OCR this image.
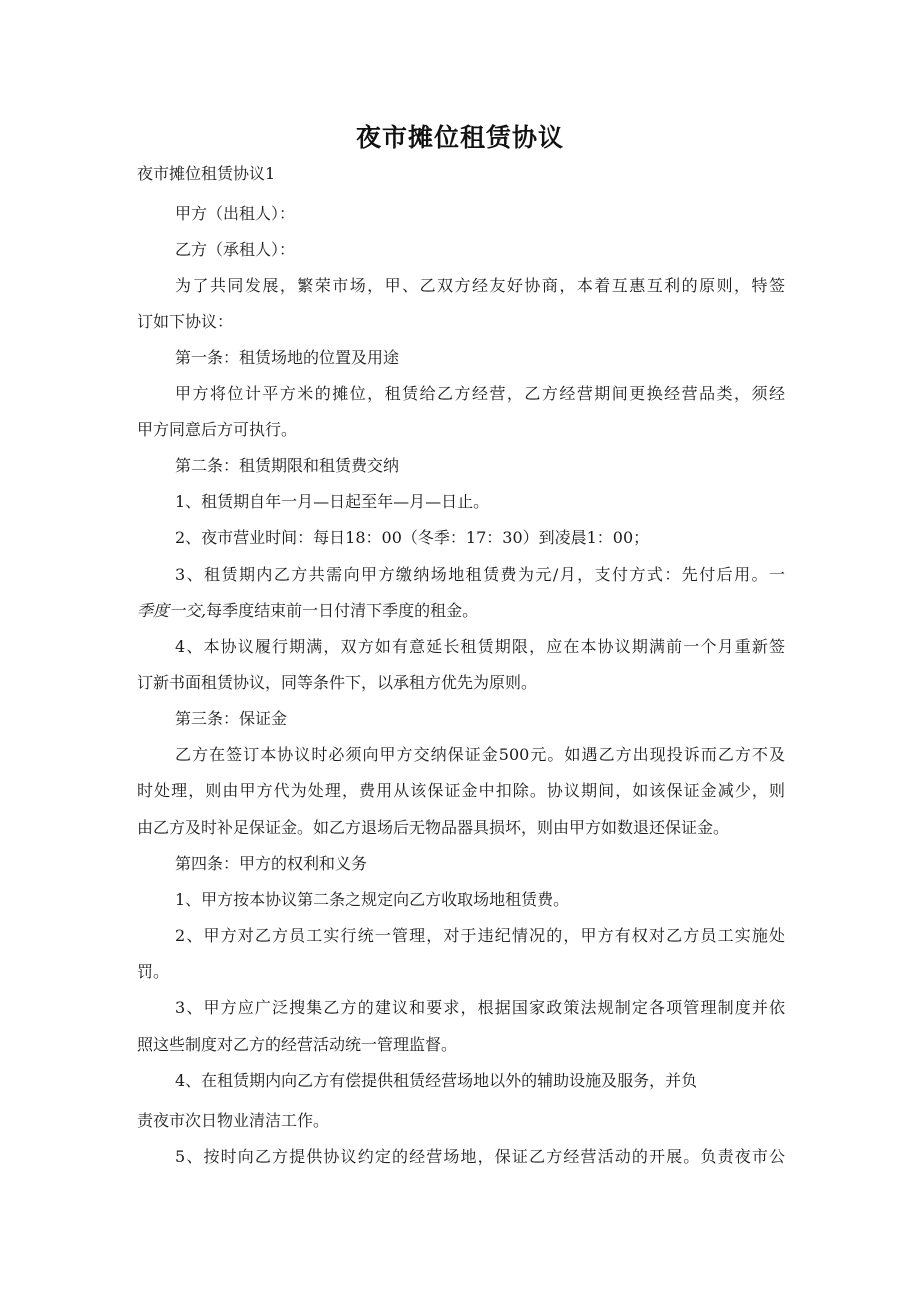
夜市摊位租赁协议

夜市摊位租赁协议1

甲方（出租人）：

乙方（承租人）：

为了共同发展，繁荣市场，甲、乙双方经友好协商，本着互惠互利的原则，特签

订如下协议：

第一条：租赁场地的位置及用途

甲方将位计平方米的摊位，租赁给乙方经营，乙方经营期间更换经营品类，须经

甲方同意后方可执行。

第二条：租赁期限和租赁费交纳

1、租赁期自年一月—日起至年—月—日止。

2、夜市营业时间：每日18：00（冬季：17：30）到凌晨1：00；

3、租赁期内乙方共需向甲方缴纳场地租赁费为元/月，支付方式：先付后用。一

季度一交,每季度结束前一日付清下季度的租金。

4、本协议履行期满，双方如有意延长租赁期限，应在本协议期满前一个月重新签

订新书面租赁协议，同等条件下，以承租方优先为原则。

第三条：保证金

乙方在签订本协议时必须向甲方交纳保证金500元。如遇乙方出现投诉而乙方不及

时处理，则由甲方代为处理，费用从该保证金中扣除。协议期间，如该保证金减少，则

由乙方及时补足保证金。如乙方退场后无物品器具损坏，则由甲方如数退还保证金。

第四条：甲方的权利和义务

1、甲方按本协议第二条之规定向乙方收取场地租赁费。

2、甲方对乙方员工实行统一管理，对于违纪情况的，甲方有权对乙方员工实施处

罚。

3、甲方应广泛搜集乙方的建议和要求，根据国家政策法规制定各项管理制度并依

照这些制度对乙方的经营活动统一管理监督。

4、在租赁期内向乙方有偿提供租赁经营场地以外的辅助设施及服务，并负

责夜市次日物业清洁工作。

5、按时向乙方提供协议约定的经营场地，保证乙方经营活动的开展。负责夜市公
